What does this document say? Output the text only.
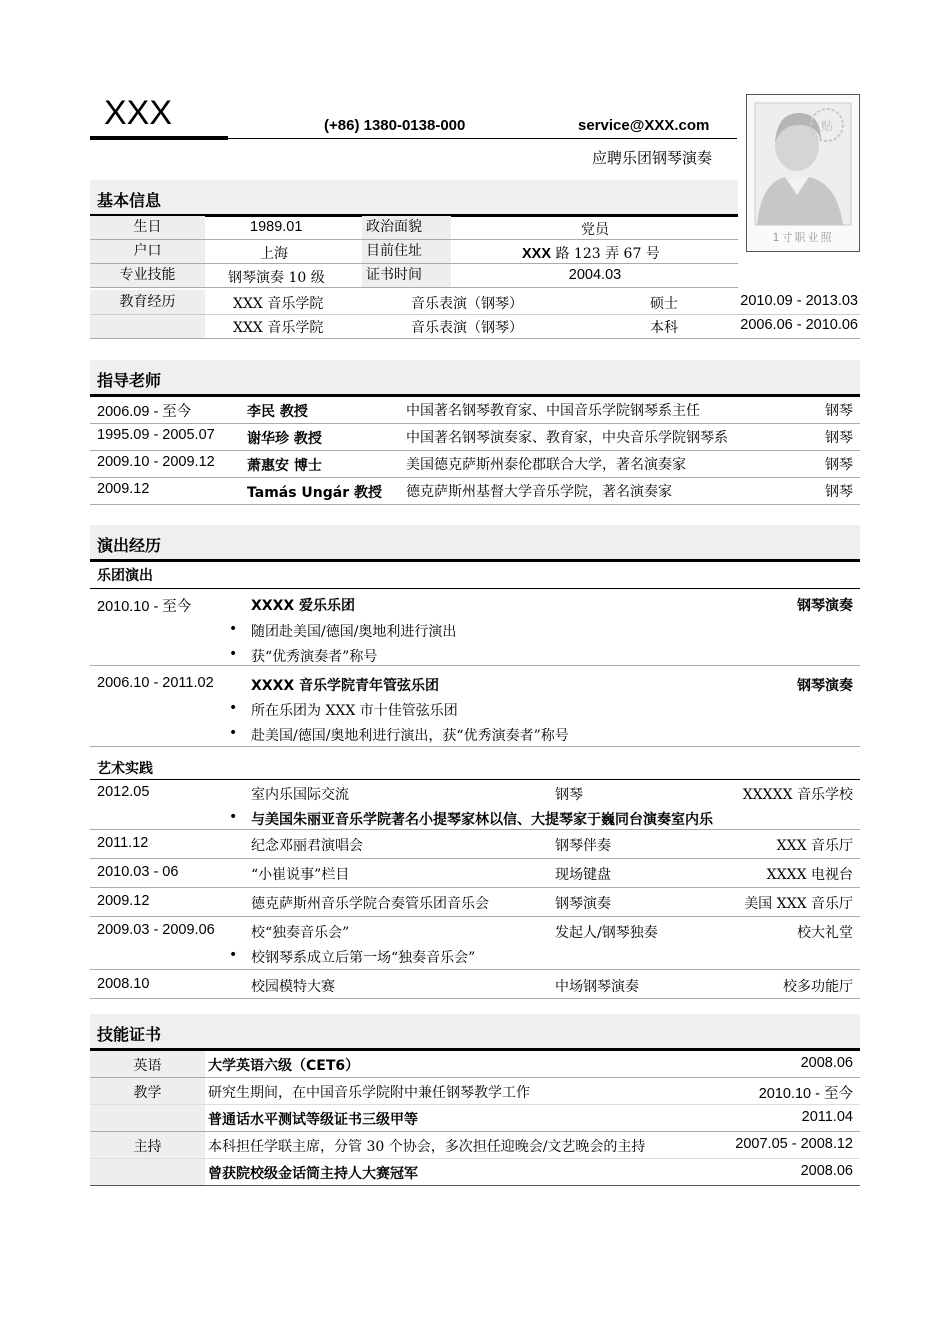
XXX	(+86) 1380-0138-000	service@XXX.com
应聘乐团钢琴演奏
贴
1寸职业照
基本信息
生日	1989.01	政治面貌	党员
户口	上海	目前住址	XXX 路 123 弄 67 号
专业技能	钢琴演奏 10 级	证书时间	2004.03
教育经历	XXX 音乐学院	音乐表演（钢琴）	硕士	2010.09 - 2013.03
XXX 音乐学院	音乐表演（钢琴）	本科	2006.06 - 2010.06
指导老师
2006.09 - 至今	李民 教授	中国著名钢琴教育家、中国音乐学院钢琴系主任	钢琴
1995.09 - 2005.07 谢华珍 教授	中国著名钢琴演奏家、教育家，中央音乐学院钢琴系	钢琴
2009.10 - 2009.12 萧惠安 博士	美国德克萨斯州泰伦郡联合大学，著名演奏家	钢琴
2009.12	Tamás Ungár 教授 德克萨斯州基督大学音乐学院，著名演奏家	钢琴
演出经历
乐团演出
2010.10 - 至今	XXXX 爱乐乐团	钢琴演奏
• 随团赴美国/德国/奥地利进行演出
• 获“优秀演奏者”称号
2006.10 - 2011.02	XXXX 音乐学院青年管弦乐团	钢琴演奏
• 所在乐团为 XXX 市十佳管弦乐团
• 赴美国/德国/奥地利进行演出，获“优秀演奏者”称号
艺术实践
2012.05	室内乐国际交流	钢琴	XXXXX 音乐学校
• 与美国朱丽亚音乐学院著名小提琴家林以信、大提琴家于巍同台演奏室内乐
2011.12	纪念邓丽君演唱会	钢琴伴奏	XXX 音乐厅
2010.03 - 06	“小崔说事”栏目	现场键盘	XXXX 电视台
2009.12	德克萨斯州音乐学院合奏管乐团音乐会	钢琴演奏	美国 XXX 音乐厅
2009.03 - 2009.06	校“独奏音乐会”	发起人/钢琴独奏	校大礼堂
• 校钢琴系成立后第一场“独奏音乐会”
2008.10	校园模特大赛	中场钢琴演奏	校多功能厅
技能证书
英语	大学英语六级（CET6）	2008.06
教学	研究生期间，在中国音乐学院附中兼任钢琴教学工作	2010.10 - 至今
普通话水平测试等级证书三级甲等	2011.04
主持	本科担任学联主席，分管 30 个协会，多次担任迎晚会/文艺晚会的主持	2007.05 - 2008.12
曾获院校级金话筒主持人大赛冠军	2008.06
